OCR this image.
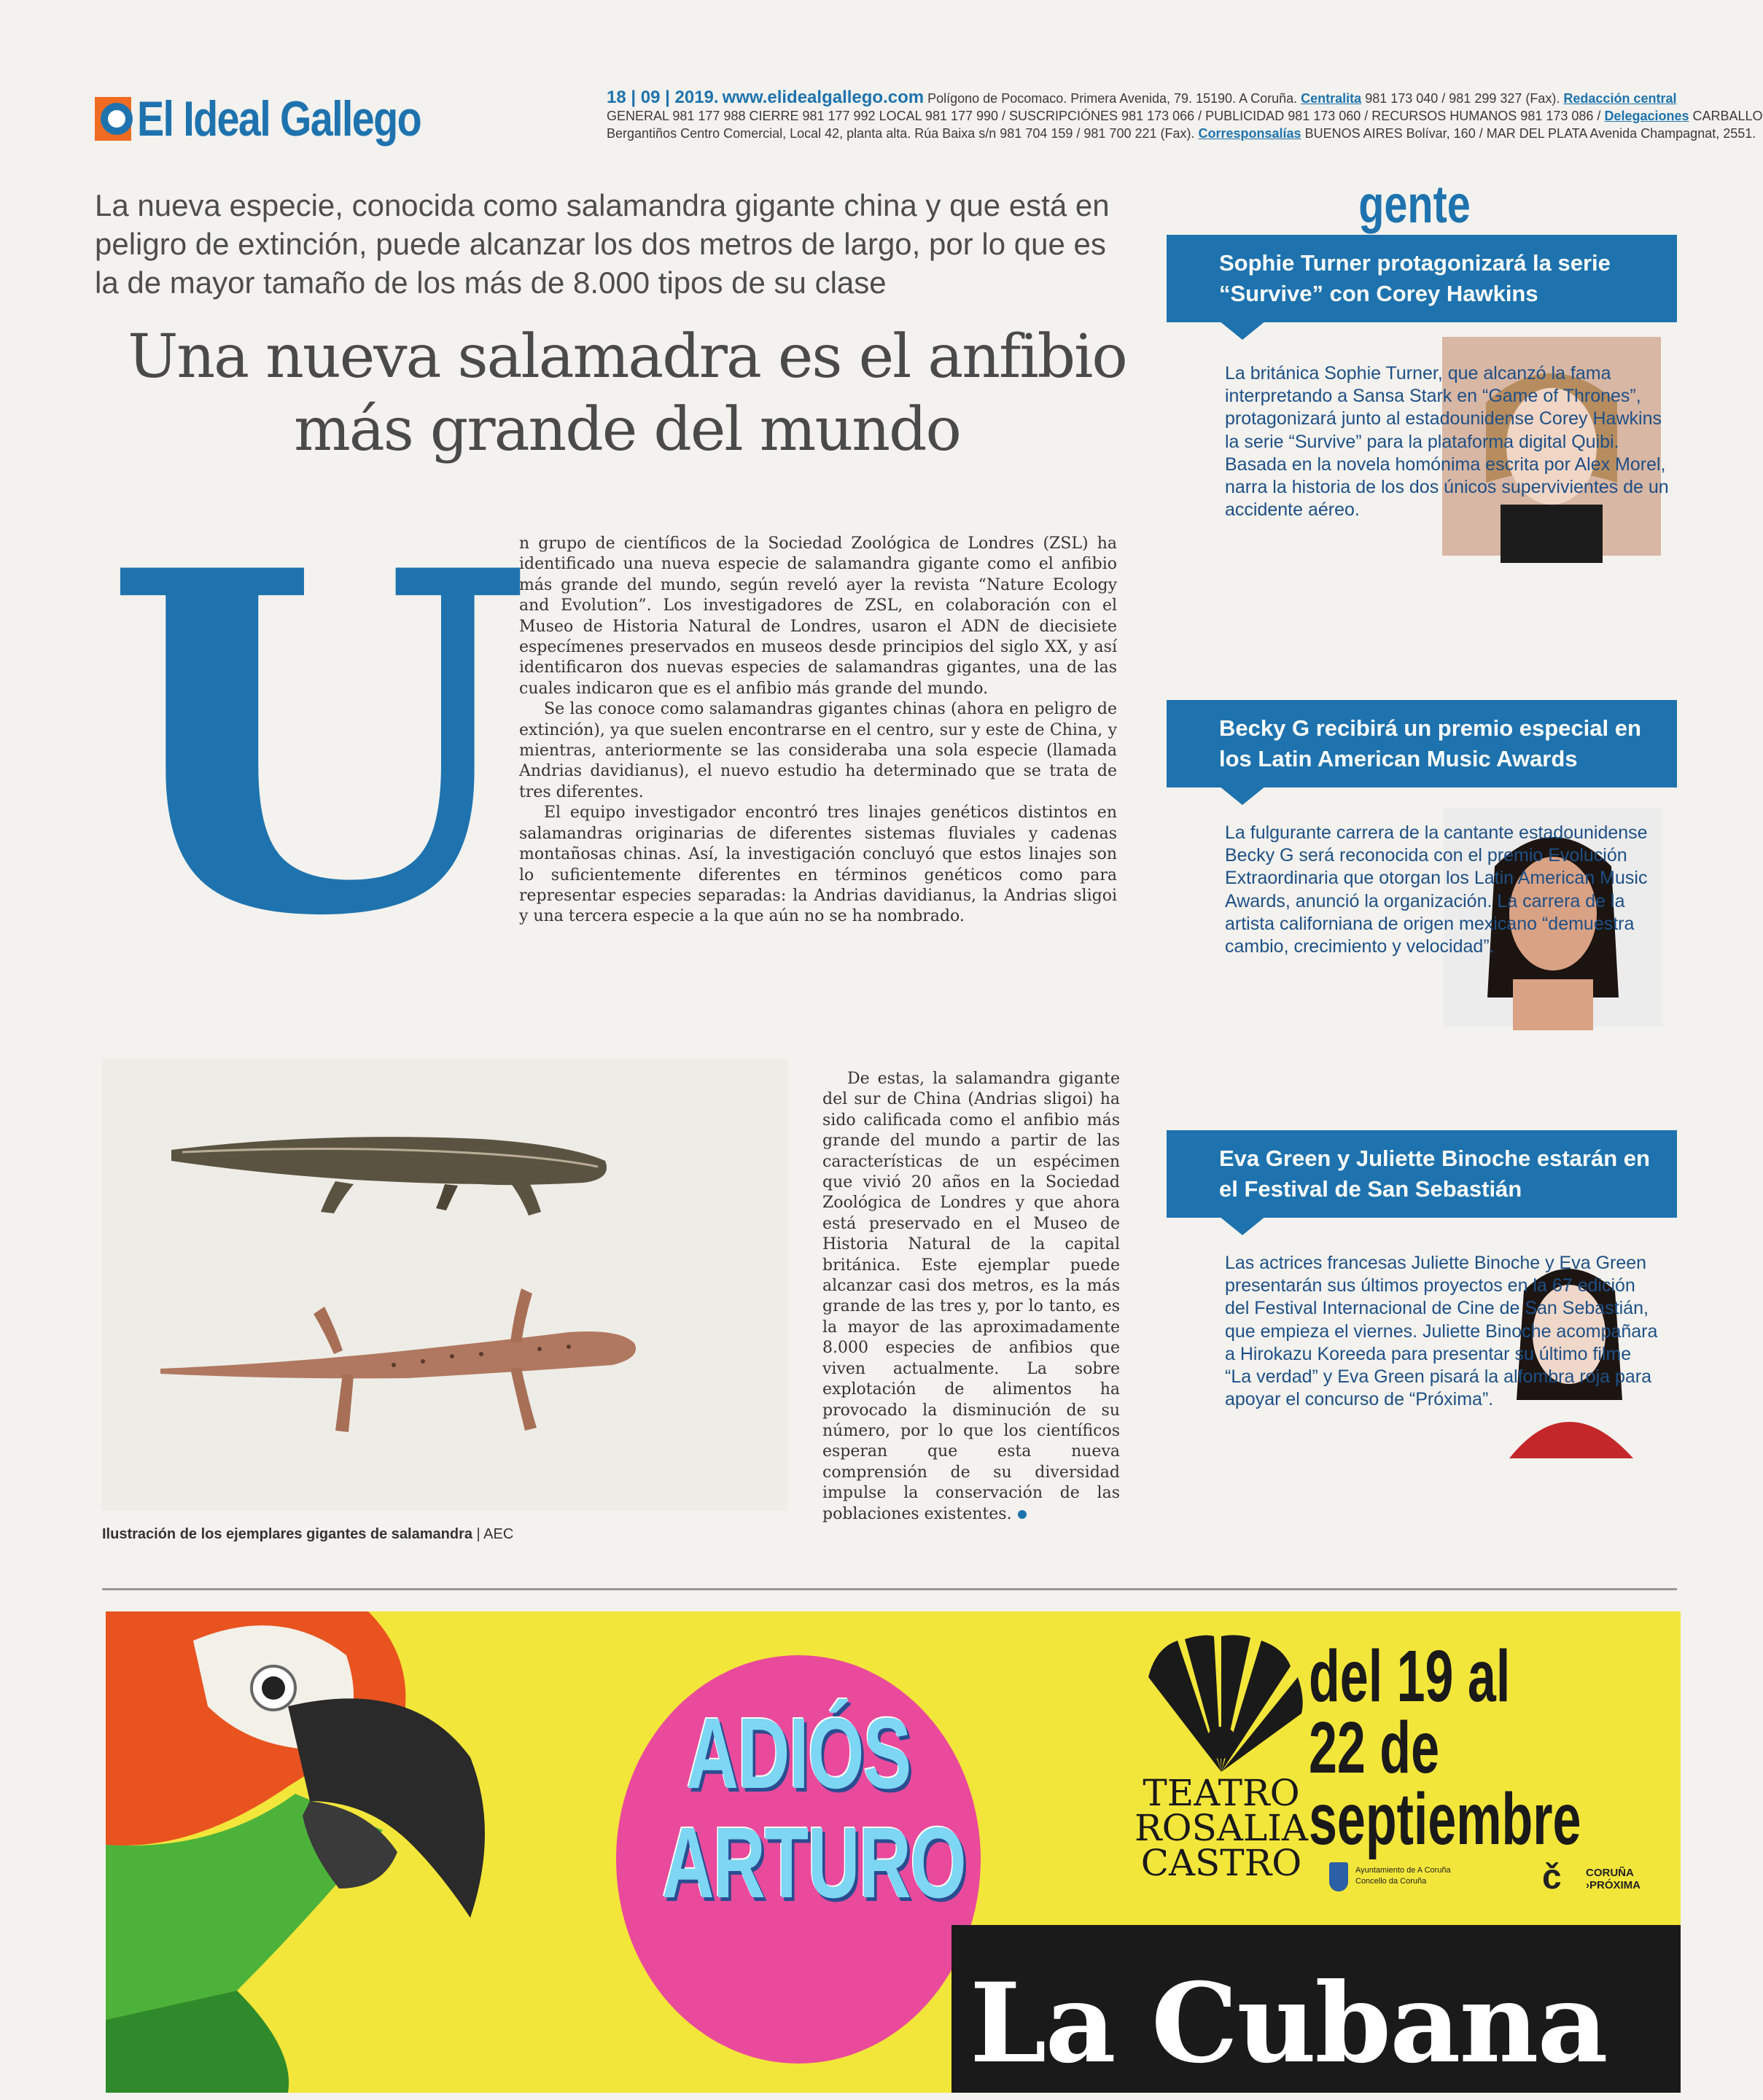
El Ideal Gallego	18 | 09 | 2019. www.elidealgallego.com Polígono de Pocomaco. Primera Avenida, 79. 15190. A Coruña. Centralita 981 173 040 / 981 299 327 (Fax). Redacción central
GENERAL 981 177 988 CIERRE 981 177 992 LOCAL 981 177 990 / SUSCRIPCIÓNES 981 173 066 / PUBLICIDAD 981 173 060 / RECURSOS HUMANOS 981 173 086 / Delegaciones CARBALLO
Bergantiños Centro Comercial, Local 42, planta alta. Rúa Baixa s/n 981 704 159 / 981 700 221 (Fax). Corresponsalías BUENOS AIRES Bolívar, 160 / MAR DEL PLATA Avenida Champagnat, 2551.
La nueva especie, conocida como salamandra gigante china y que está en peligro de extinción, puede alcanzar los dos metros de largo, por lo que es la de mayor tamaño de los más de 8.000 tipos de su clase
Una nueva salamadra es el anfibio más grande del mundo
U

n grupo de científicos de la Sociedad Zoológica de Londres (ZSL) ha identificado una nueva especie de salamandra gigante como el anfibio más grande del mundo, según reveló ayer la revista “Nature Ecology and Evolution”. Los investigadores de ZSL, en colaboración con el Museo de Historia Natural de Londres, usaron el ADN de diecisiete especímenes preservados en museos desde principios del siglo XX, y así identificaron dos nuevas especies de salamandras gigantes, una de las cuales indicaron que es el anfibio más grande del mundo.

Se las conoce como salamandras gigantes chinas (ahora en peligro de extinción), ya que suelen encontrarse en el centro, sur y este de China, y mientras, anteriormente se las consideraba una sola especie (llamada Andrias davidianus), el nuevo estudio ha determinado que se trata de tres diferentes.

El equipo investigador encontró tres linajes genéticos distintos en salamandras originarias de diferentes sistemas fluviales y cadenas montañosas chinas. Así, la investigación concluyó que estos linajes son lo suficientemente diferentes en términos genéticos como para representar especies separadas: la Andrias davidianus, la Andrias sligoi y una tercera especie a la que aún no se ha nombrado.

De estas, la salamandra gigante del sur de China (Andrias sligoi) ha sido calificada como el anfibio más grande del mundo a partir de las características de un espécimen que vivió 20 años en la Sociedad Zoológica de Londres y que ahora está preservado en el Museo de Historia Natural de la capital británica. Este ejemplar puede alcanzar casi dos metros, es la más grande de las tres y, por lo tanto, es la mayor de las aproximadamente 8.000 especies de anfibios que viven actualmente. La sobre explotación de alimentos ha provocado la disminución de su número, por lo que los científicos esperan que esta nueva comprensión de su diversidad impulse la conservación de las poblaciones existentes.

Ilustración de los ejemplares gigantes de salamandra | AEC
gente
Sophie Turner protagonizará la serie “Survive” con Corey Hawkins
La británica Sophie Turner, que alcanzó la fama interpretando a Sansa Stark en “Game of Thrones”, protagonizará junto al estadounidense Corey Hawkins la serie “Survive” para la plataforma digital Quibi. Basada en la novela homónima escrita por Alex Morel, narra la historia de los dos únicos supervivientes de un accidente aéreo.
Becky G recibirá un premio especial en los Latin American Music Awards
La fulgurante carrera de la cantante estadounidense Becky G será reconocida con el premio Evolución Extraordinaria que otorgan los Latin American Music Awards, anunció la organización. La carrera de la artista californiana de origen mexicano “demuestra cambio, crecimiento y velocidad”.
Eva Green y Juliette Binoche estarán en el Festival de San Sebastián
Las actrices francesas Juliette Binoche y Eva Green presentarán sus últimos proyectos en la 67 edición del Festival Internacional de Cine de San Sebastián, que empieza el viernes. Juliette Binoche acompañara a Hirokazu Koreeda para presentar su último filme “La verdad” y Eva Green pisará la alfombra roja para apoyar el concurso de “Próxima”.
ADIÓS
ARTURO
TEATRO
ROSALIA
CASTRO
del 19 al 22 de septiembre
Ayuntamiento de A Coruña Concello da Coruña	č CORUÑA ›PRÓXIMA
La Cubana
